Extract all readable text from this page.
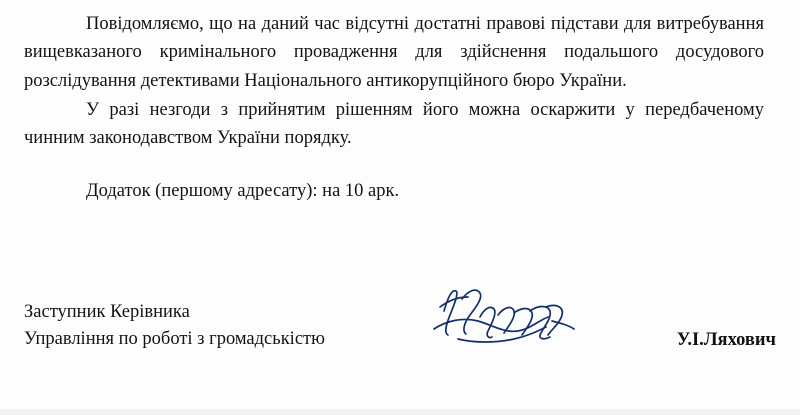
Повідомляємо, що на даний час відсутні достатні правові підстави для витребування вищевказаного кримінального провадження для здійснення подальшого досудового розслідування детективами Національного антикорупційного бюро України.

У разі незгоди з прийнятим рішенням його можна оскаржити у передбаченому чинним законодавством України порядку.

Додаток (першому адресату): на 10 арк.
Заступник Керівника
Управління по роботі з громадськістю	У.І.Ляхович
